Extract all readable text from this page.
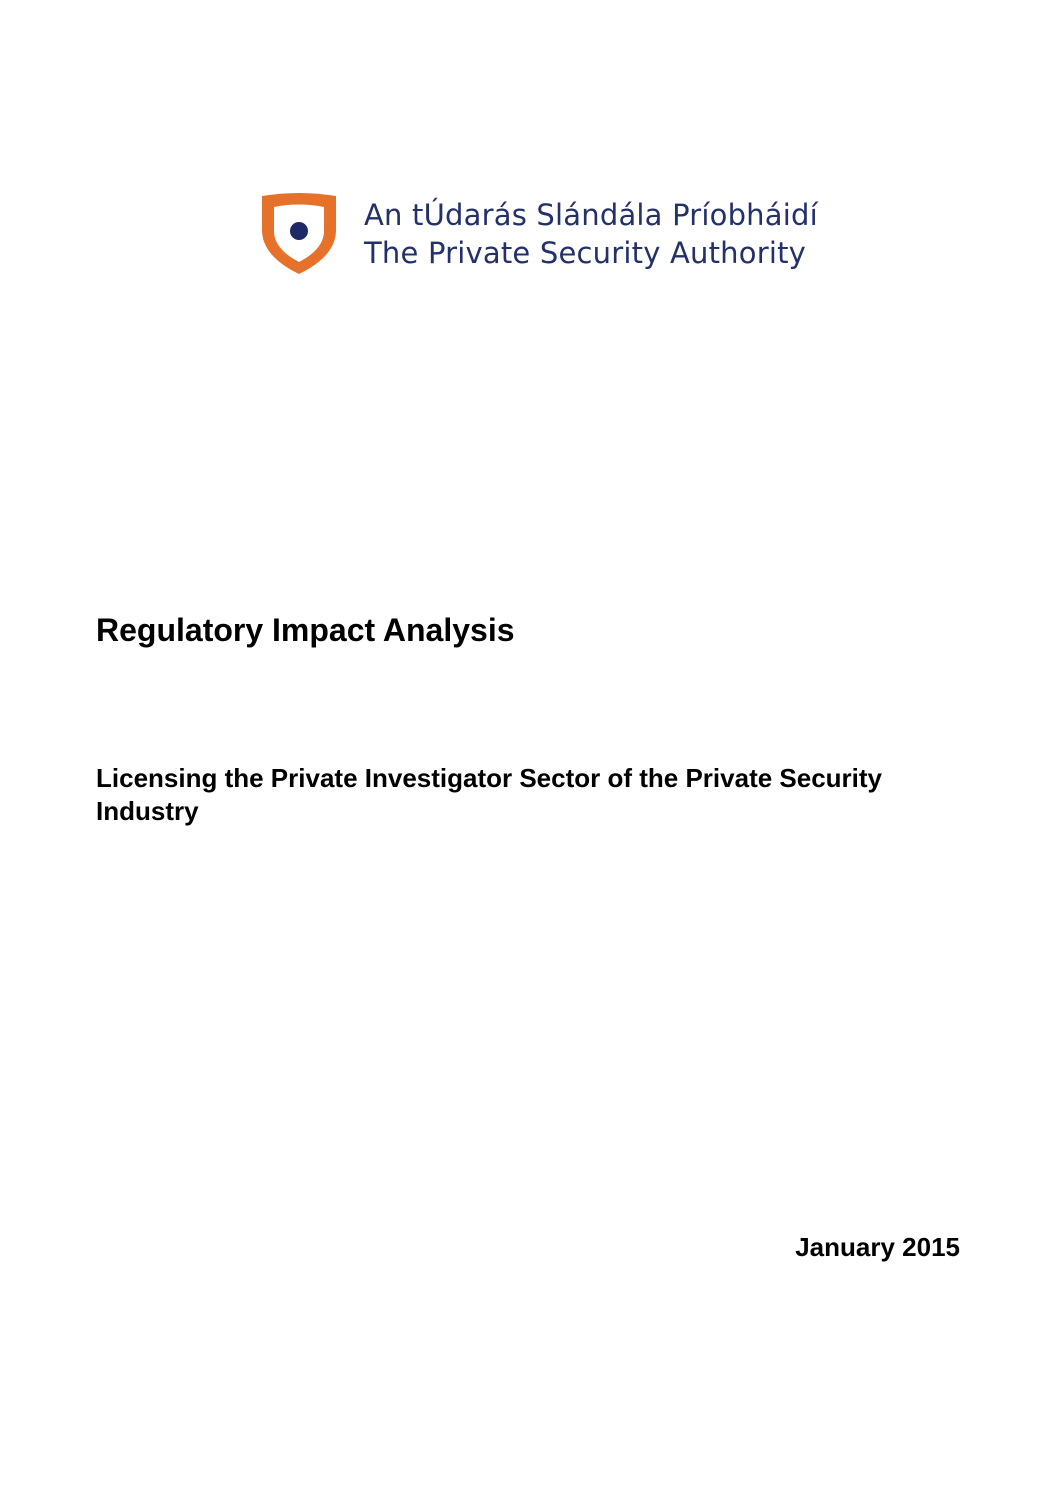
An tÚdarás Slándála Príobháidí
The Private Security Authority
Regulatory Impact Analysis
Licensing the Private Investigator Sector of the Private Security Industry

January 2015
